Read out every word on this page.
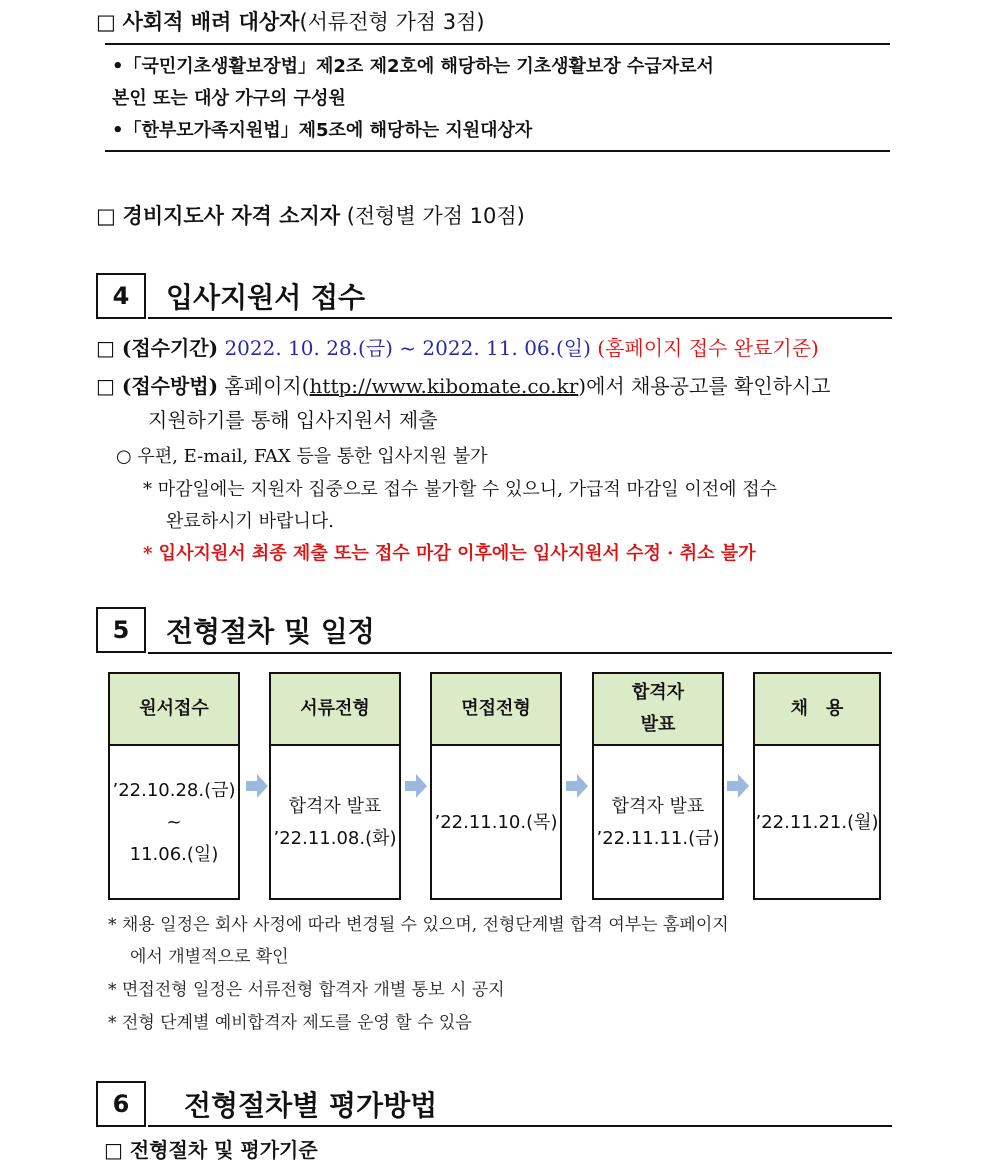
□ 사회적 배려 대상자(서류전형 가점 3점)
•「국민기초생활보장법」제2조 제2호에 해당하는 기초생활보장 수급자로서
본인 또는 대상 가구의 구성원
•「한부모가족지원법」제5조에 해당하는 지원대상자
□ 경비지도사 자격 소지자 (전형별 가점 10점)
4	입사지원서 접수
□ (접수기간) 2022. 10. 28.(금) ~ 2022. 11. 06.(일) (홈페이지 접수 완료기준)
□ (접수방법) 홈페이지(http://www.kibomate.co.kr)에서 채용공고를 확인하시고
지원하기를 통해 입사지원서 제출
○ 우편, E-mail, FAX 등을 통한 입사지원 불가
* 마감일에는 지원자 집중으로 접수 불가할 수 있으니, 가급적 마감일 이전에 접수
완료하시기 바랍니다.
* 입사지원서 최종 제출 또는 접수 마감 이후에는 입사지원서 수정 · 취소 불가
5	전형절차 및 일정
원서접수
’22.10.28.(금)
~
11.06.(일)
서류전형
합격자 발표
’22.11.08.(화)
면접전형
’22.11.10.(목)
합격자
발표
합격자 발표
’22.11.11.(금)
채　용
’22.11.21.(월)
* 채용 일정은 회사 사정에 따라 변경될 수 있으며, 전형단계별 합격 여부는 홈페이지
에서 개별적으로 확인
* 면접전형 일정은 서류전형 합격자 개별 통보 시 공지
* 전형 단계별 예비합격자 제도를 운영 할 수 있음
6	전형절차별 평가방법
□ 전형절차 및 평가기준
